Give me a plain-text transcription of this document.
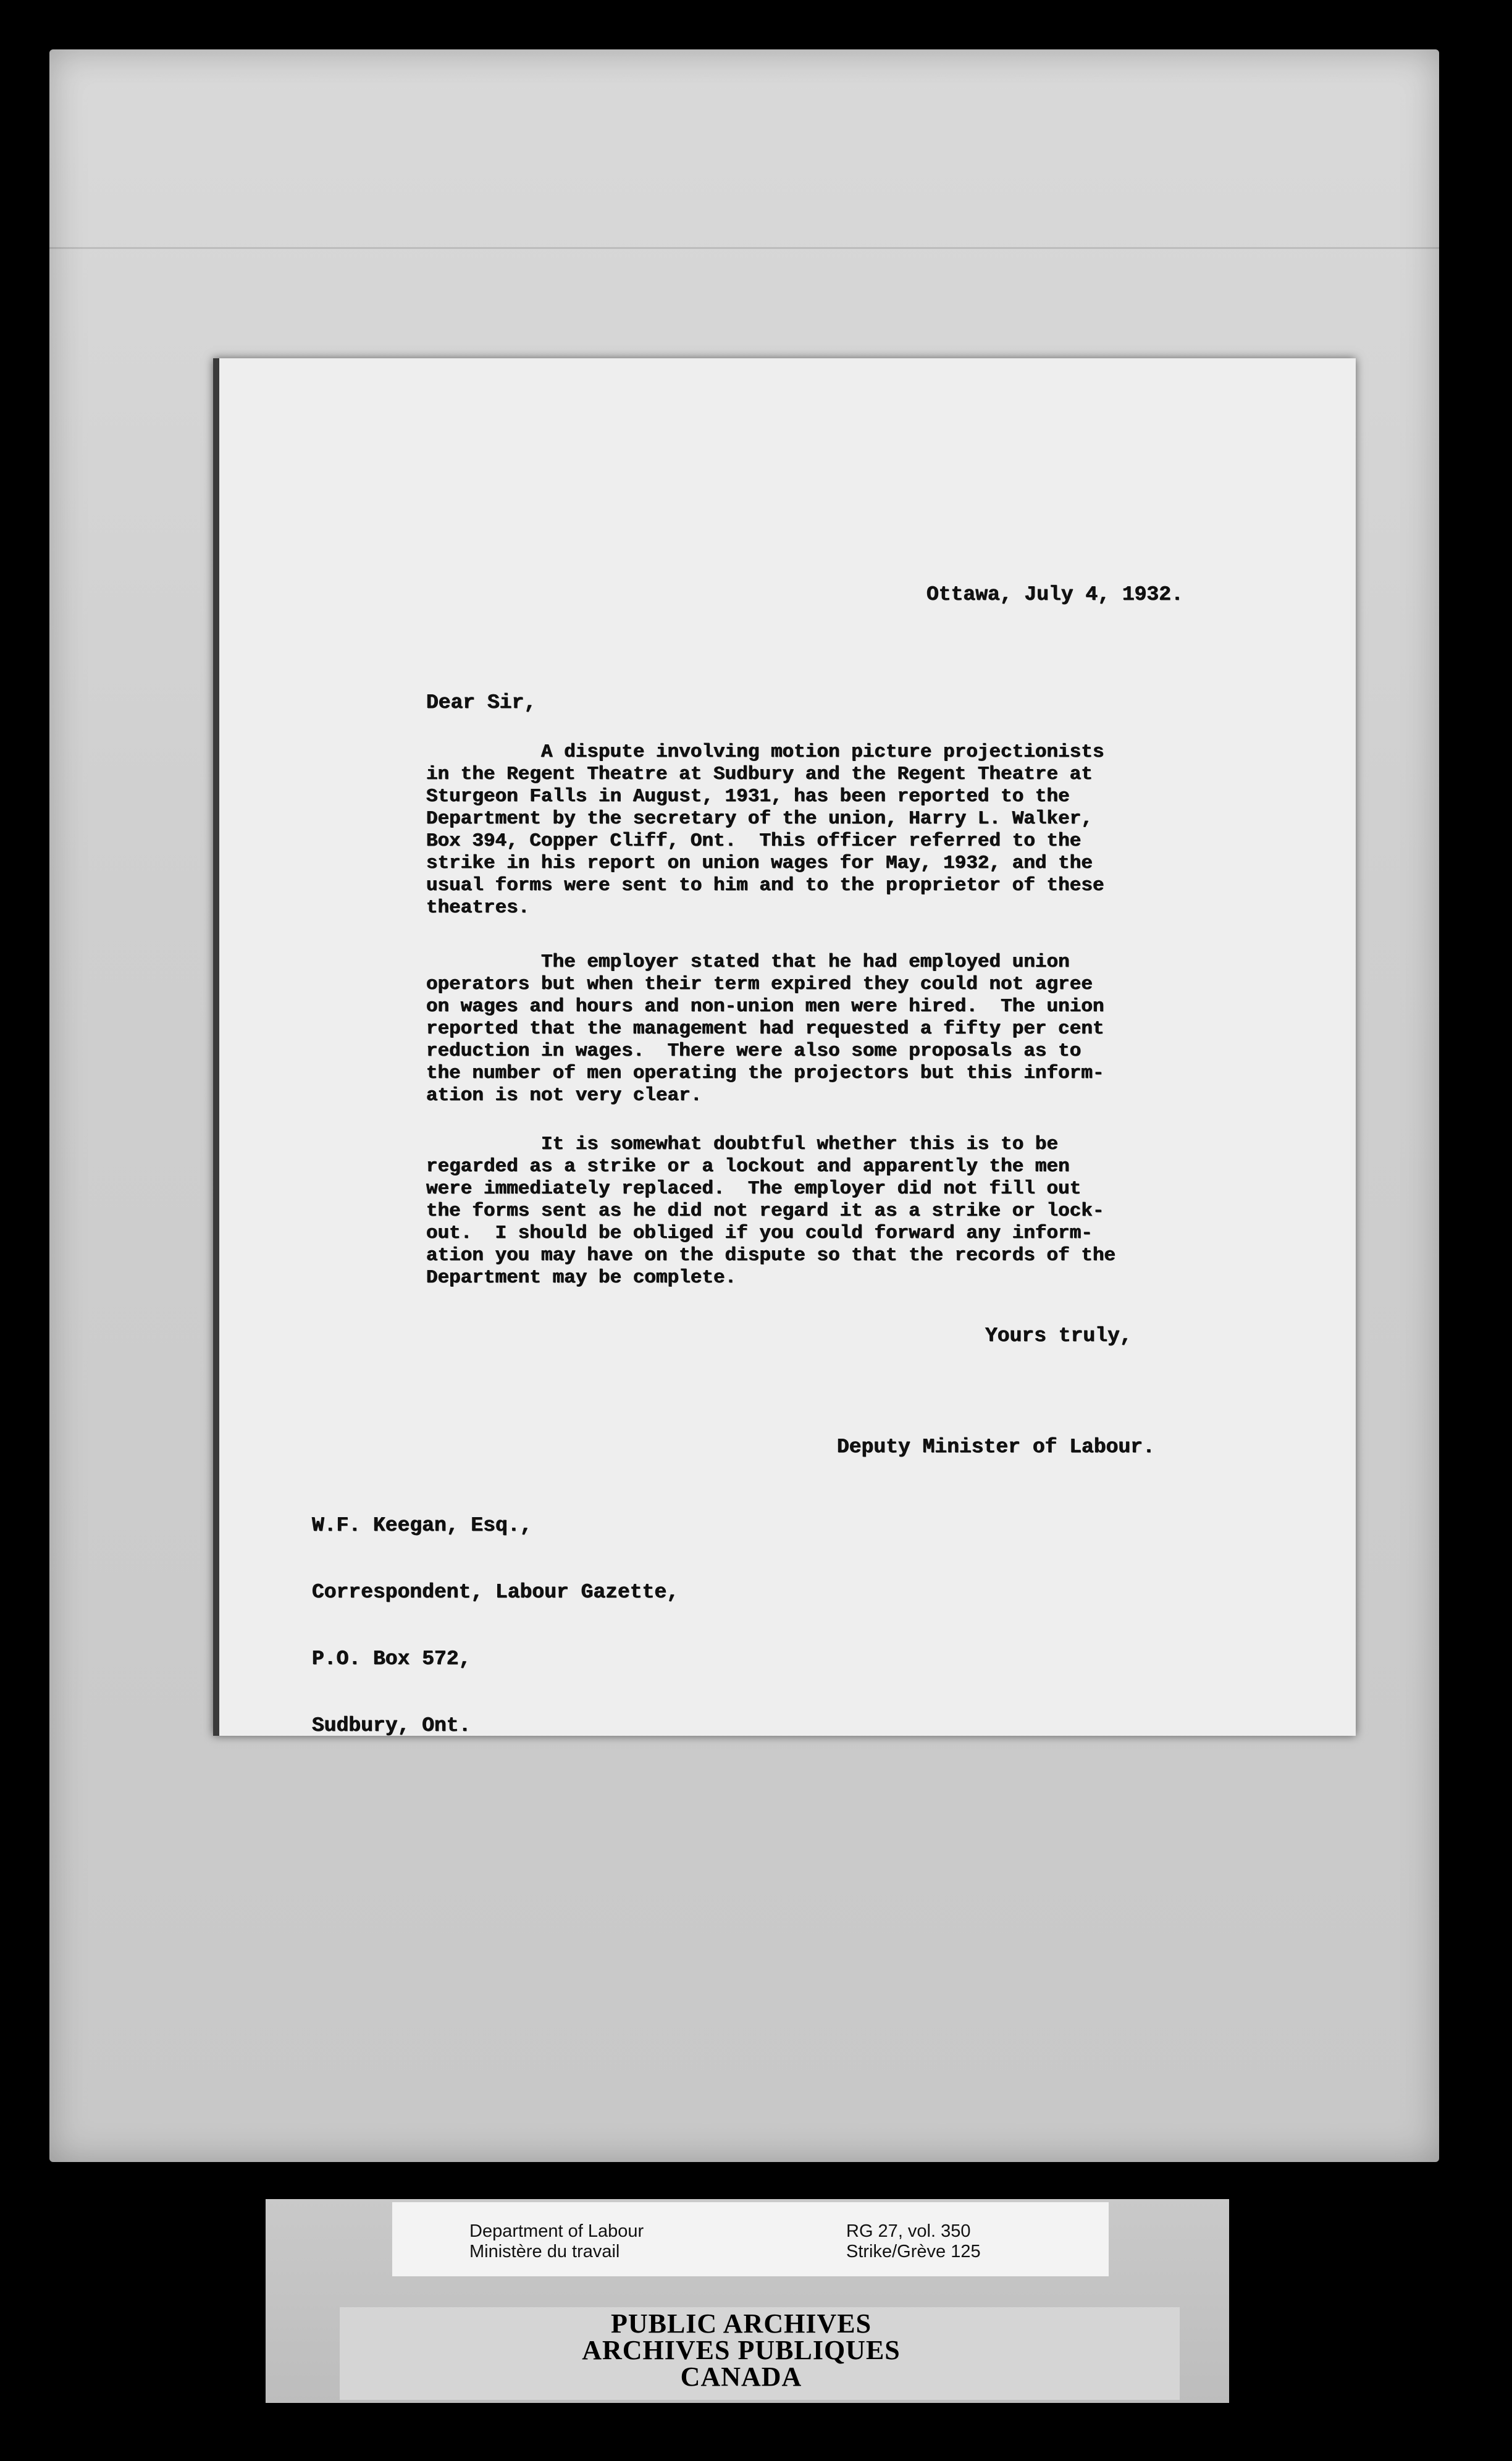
Ottawa, July 4, 1932.
Dear Sir,
A dispute involving motion picture projectionists
in the Regent Theatre at Sudbury and the Regent Theatre at
Sturgeon Falls in August, 1931, has been reported to the
Department by the secretary of the union, Harry L. Walker,
Box 394, Copper Cliff, Ont.  This officer referred to the
strike in his report on union wages for May, 1932, and the
usual forms were sent to him and to the proprietor of these
theatres.
The employer stated that he had employed union
operators but when their term expired they could not agree
on wages and hours and non-union men were hired.  The union
reported that the management had requested a fifty per cent
reduction in wages.  There were also some proposals as to
the number of men operating the projectors but this inform-
ation is not very clear.
It is somewhat doubtful whether this is to be
regarded as a strike or a lockout and apparently the men
were immediately replaced.  The employer did not fill out
the forms sent as he did not regard it as a strike or lock-
out.  I should be obliged if you could forward any inform-
ation you may have on the dispute so that the records of the
Department may be complete.
Yours truly,
Deputy Minister of Labour.

W.F. Keegan, Esq.,

Correspondent, Labour Gazette,

P.O. Box 572,

Sudbury, Ont.

Department of Labour
Ministère du travail
RG 27, vol. 350
Strike/Grève 125
PUBLIC ARCHIVES
ARCHIVES PUBLIQUES
CANADA
